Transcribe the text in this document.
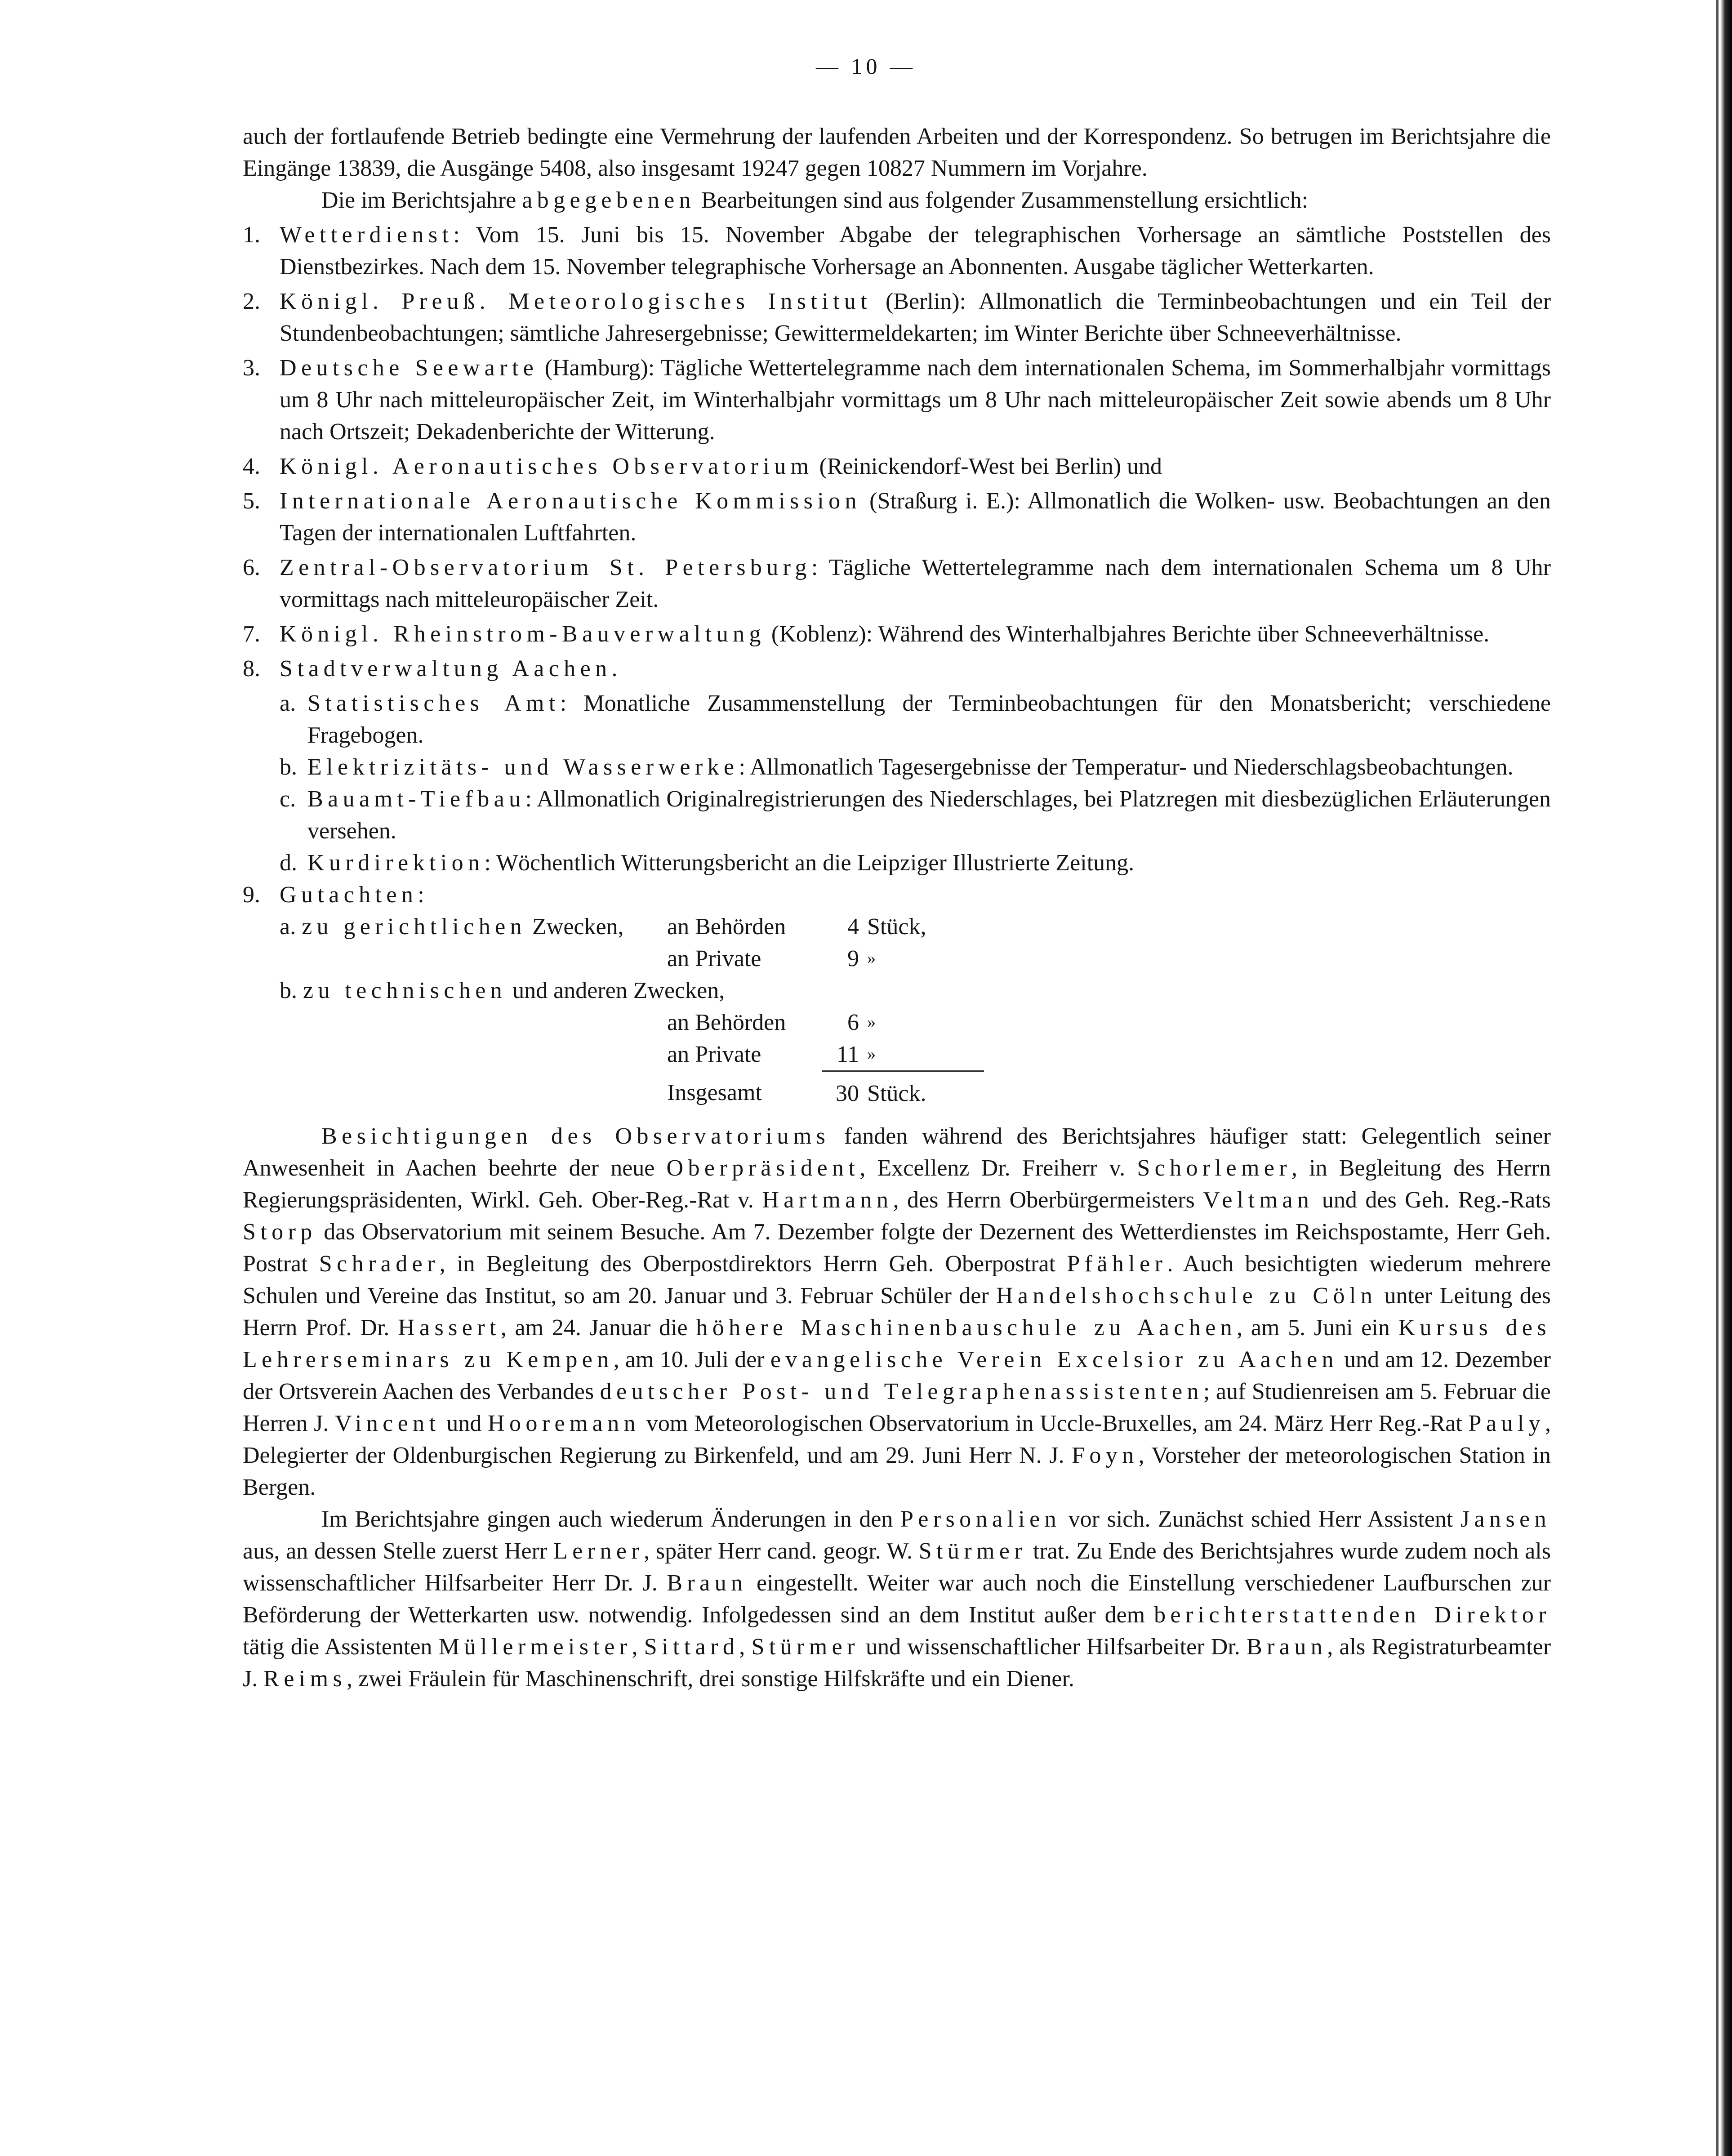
— 10 —

auch der fortlaufende Betrieb bedingte eine Vermehrung der laufenden Arbeiten und der Korrespondenz. So betrugen im Berichtsjahre die Eingänge 13839, die Ausgänge 5408, also insgesamt 19247 gegen 10827 Nummern im Vorjahre.

Die im Berichtsjahre abgegebenen Bearbeitungen sind aus folgender Zusammenstellung ersichtlich:

1. Wetterdienst: Vom 15. Juni bis 15. November Abgabe der telegraphischen Vorhersage an sämtliche Poststellen des Dienstbezirkes. Nach dem 15. November telegraphische Vorhersage an Abonnenten. Ausgabe täglicher Wetterkarten.
2. Königl. Preuß. Meteorologisches Institut (Berlin): Allmonatlich die Terminbeobachtungen und ein Teil der Stundenbeobachtungen; sämtliche Jahresergebnisse; Gewittermeldekarten; im Winter Berichte über Schneeverhältnisse.
3. Deutsche Seewarte (Hamburg): Tägliche Wettertelegramme nach dem internationalen Schema, im Sommerhalbjahr vormittags um 8 Uhr nach mitteleuropäischer Zeit, im Winterhalbjahr vormittags um 8 Uhr nach mitteleuropäischer Zeit sowie abends um 8 Uhr nach Ortszeit; Dekadenberichte der Witterung.
4. Königl. Aeronautisches Observatorium (Reinickendorf-West bei Berlin) und
5. Internationale Aeronautische Kommission (Straßurg i. E.): Allmonatlich die Wolken- usw. Beobachtungen an den Tagen der internationalen Luftfahrten.
6. Zentral-Observatorium St. Petersburg: Tägliche Wettertelegramme nach dem internationalen Schema um 8 Uhr vormittags nach mitteleuropäischer Zeit.
7. Königl. Rheinstrom-Bauverwaltung (Koblenz): Während des Winterhalbjahres Berichte über Schneeverhältnisse.
8. Stadtverwaltung Aachen.
a. Statistisches Amt: Monatliche Zusammenstellung der Terminbeobachtungen für den Monatsbericht; verschiedene Fragebogen.
b. Elektrizitäts- und Wasserwerke: Allmonatlich Tagesergebnisse der Temperatur- und Niederschlagsbeobachtungen.
c. Bauamt-Tiefbau: Allmonatlich Originalregistrierungen des Niederschlages, bei Platzregen mit diesbezüglichen Erläuterungen versehen.
d. Kurdirektion: Wöchentlich Witterungsbericht an die Leipziger Illustrierte Zeitung.
9. Gutachten:
a. zu gerichtlichen Zwecken,	an Behörden	4	Stück,
	an Private	9	»
b. zu technischen und anderen Zwecken,			
	an Behörden	6	»
	an Private	11	»
	Insgesamt	30	Stück.

Besichtigungen des Observatoriums fanden während des Berichtsjahres häufiger statt: Gelegentlich seiner Anwesenheit in Aachen beehrte der neue Oberpräsident, Excellenz Dr. Freiherr v. Schorlemer, in Begleitung des Herrn Regierungspräsidenten, Wirkl. Geh. Ober-Reg.-Rat v. Hartmann, des Herrn Oberbürgermeisters Veltman und des Geh. Reg.-Rats Storp das Observatorium mit seinem Besuche. Am 7. Dezember folgte der Dezernent des Wetterdienstes im Reichspostamte, Herr Geh. Postrat Schrader, in Begleitung des Oberpostdirektors Herrn Geh. Oberpostrat Pfähler. Auch besichtigten wiederum mehrere Schulen und Vereine das Institut, so am 20. Januar und 3. Februar Schüler der Handelshochschule zu Cöln unter Leitung des Herrn Prof. Dr. Hassert, am 24. Januar die höhere Maschinenbauschule zu Aachen, am 5. Juni ein Kursus des Lehrerseminars zu Kempen, am 10. Juli der evangelische Verein Excelsior zu Aachen und am 12. Dezember der Ortsverein Aachen des Verbandes deutscher Post- und Telegraphenassistenten; auf Studienreisen am 5. Februar die Herren J. Vincent und Hooremann vom Meteorologischen Observatorium in Uccle-Bruxelles, am 24. März Herr Reg.-Rat Pauly, Delegierter der Oldenburgischen Regierung zu Birkenfeld, und am 29. Juni Herr N. J. Foyn, Vorsteher der meteorologischen Station in Bergen.

Im Berichtsjahre gingen auch wiederum Änderungen in den Personalien vor sich. Zunächst schied Herr Assistent Jansen aus, an dessen Stelle zuerst Herr Lerner, später Herr cand. geogr. W. Stürmer trat. Zu Ende des Berichtsjahres wurde zudem noch als wissenschaftlicher Hilfsarbeiter Herr Dr. J. Braun eingestellt. Weiter war auch noch die Einstellung verschiedener Laufburschen zur Beförderung der Wetterkarten usw. notwendig. Infolgedessen sind an dem Institut außer dem berichterstattenden Direktor tätig die Assistenten Müllermeister, Sittard, Stürmer und wissenschaftlicher Hilfsarbeiter Dr. Braun, als Registraturbeamter J. Reims, zwei Fräulein für Maschinenschrift, drei sonstige Hilfskräfte und ein Diener.
